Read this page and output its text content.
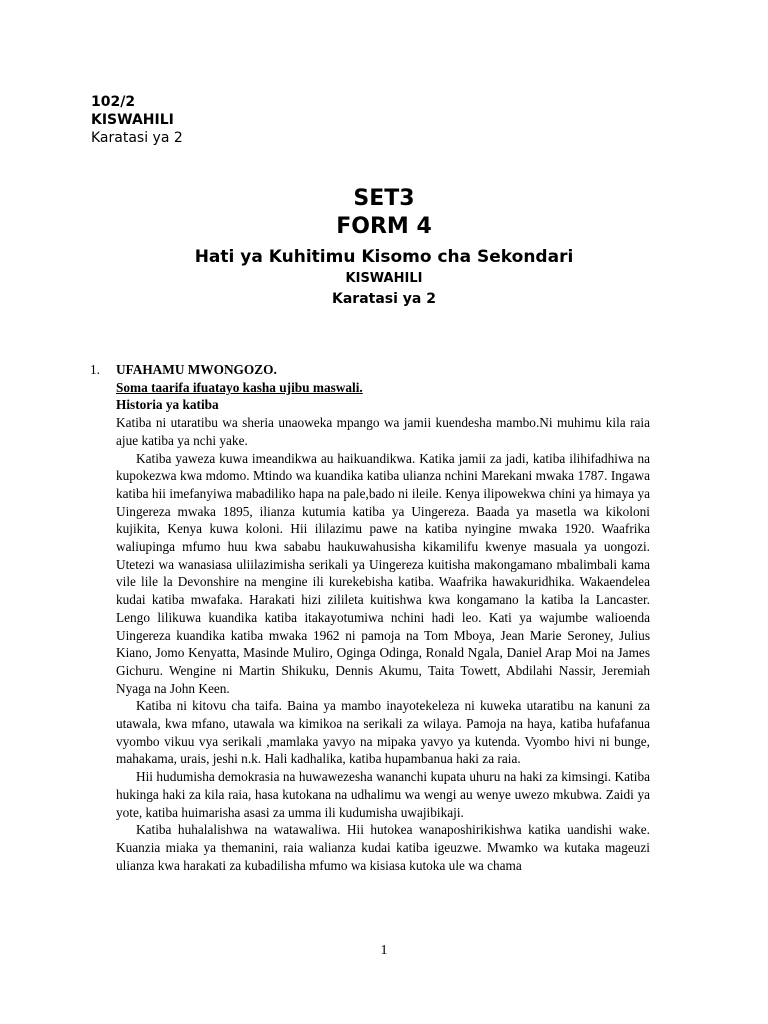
102/2
KISWAHILI
Karatasi ya 2
SET3
FORM 4
Hati ya Kuhitimu Kisomo cha Sekondari
KISWAHILI
Karatasi ya 2
1. UFAHAMU MWONGOZO.

Soma taarifa ifuatayo kasha ujibu maswali.

Historia ya katiba

Katiba ni utaratibu wa sheria unaoweka mpango wa jamii kuendesha mambo.Ni muhimu kila raia ajue katiba ya nchi yake.

Katiba yaweza kuwa imeandikwa au haikuandikwa. Katika jamii za jadi, katiba ilihifadhiwa na kupokezwa kwa mdomo. Mtindo wa kuandika katiba ulianza nchini Marekani mwaka 1787. Ingawa katiba hii imefanyiwa mabadiliko hapa na pale,bado ni ileile. Kenya ilipowekwa chini ya himaya ya Uingereza mwaka 1895, ilianza kutumia katiba ya Uingereza. Baada ya masetla wa kikoloni kujikita, Kenya kuwa koloni. Hii ililazimu pawe na katiba nyingine mwaka 1920. Waafrika waliupinga mfumo huu kwa sababu haukuwahusisha kikamilifu kwenye masuala ya uongozi. Utetezi wa wanasiasa uliilazimisha serikali ya Uingereza kuitisha makongamano mbalimbali kama vile lile la Devonshire na mengine ili kurekebisha katiba. Waafrika hawakuridhika. Wakaendelea kudai katiba mwafaka. Harakati hizi zilileta kuitishwa kwa kongamano la katiba la Lancaster. Lengo lilikuwa kuandika katiba itakayotumiwa nchini hadi leo. Kati ya wajumbe walioenda Uingereza kuandika katiba mwaka 1962 ni pamoja na Tom Mboya, Jean Marie Seroney, Julius Kiano, Jomo Kenyatta, Masinde Muliro, Oginga Odinga, Ronald Ngala, Daniel Arap Moi na James Gichuru. Wengine ni Martin Shikuku, Dennis Akumu, Taita Towett, Abdilahi Nassir, Jeremiah Nyaga na John Keen.

Katiba ni kitovu cha taifa. Baina ya mambo inayotekeleza ni kuweka utaratibu na kanuni za utawala, kwa mfano, utawala wa kimikoa na serikali za wilaya. Pamoja na haya, katiba hufafanua vyombo vikuu vya serikali ,mamlaka yavyo na mipaka yavyo ya kutenda. Vyombo hivi ni bunge, mahakama, urais, jeshi n.k. Hali kadhalika, katiba hupambanua haki za raia.

Hii hudumisha demokrasia na huwawezesha wananchi kupata uhuru na haki za kimsingi. Katiba hukinga haki za kila raia, hasa kutokana na udhalimu wa wengi au wenye uwezo mkubwa. Zaidi ya yote, katiba huimarisha asasi za umma ili kudumisha uwajibikaji.

Katiba huhalalishwa na watawaliwa. Hii hutokea wanaposhirikishwa katika uandishi wake. Kuanzia miaka ya themanini, raia walianza kudai katiba igeuzwe. Mwamko wa kutaka mageuzi ulianza kwa harakati za kubadilisha mfumo wa kisiasa kutoka ule wa chama

1
